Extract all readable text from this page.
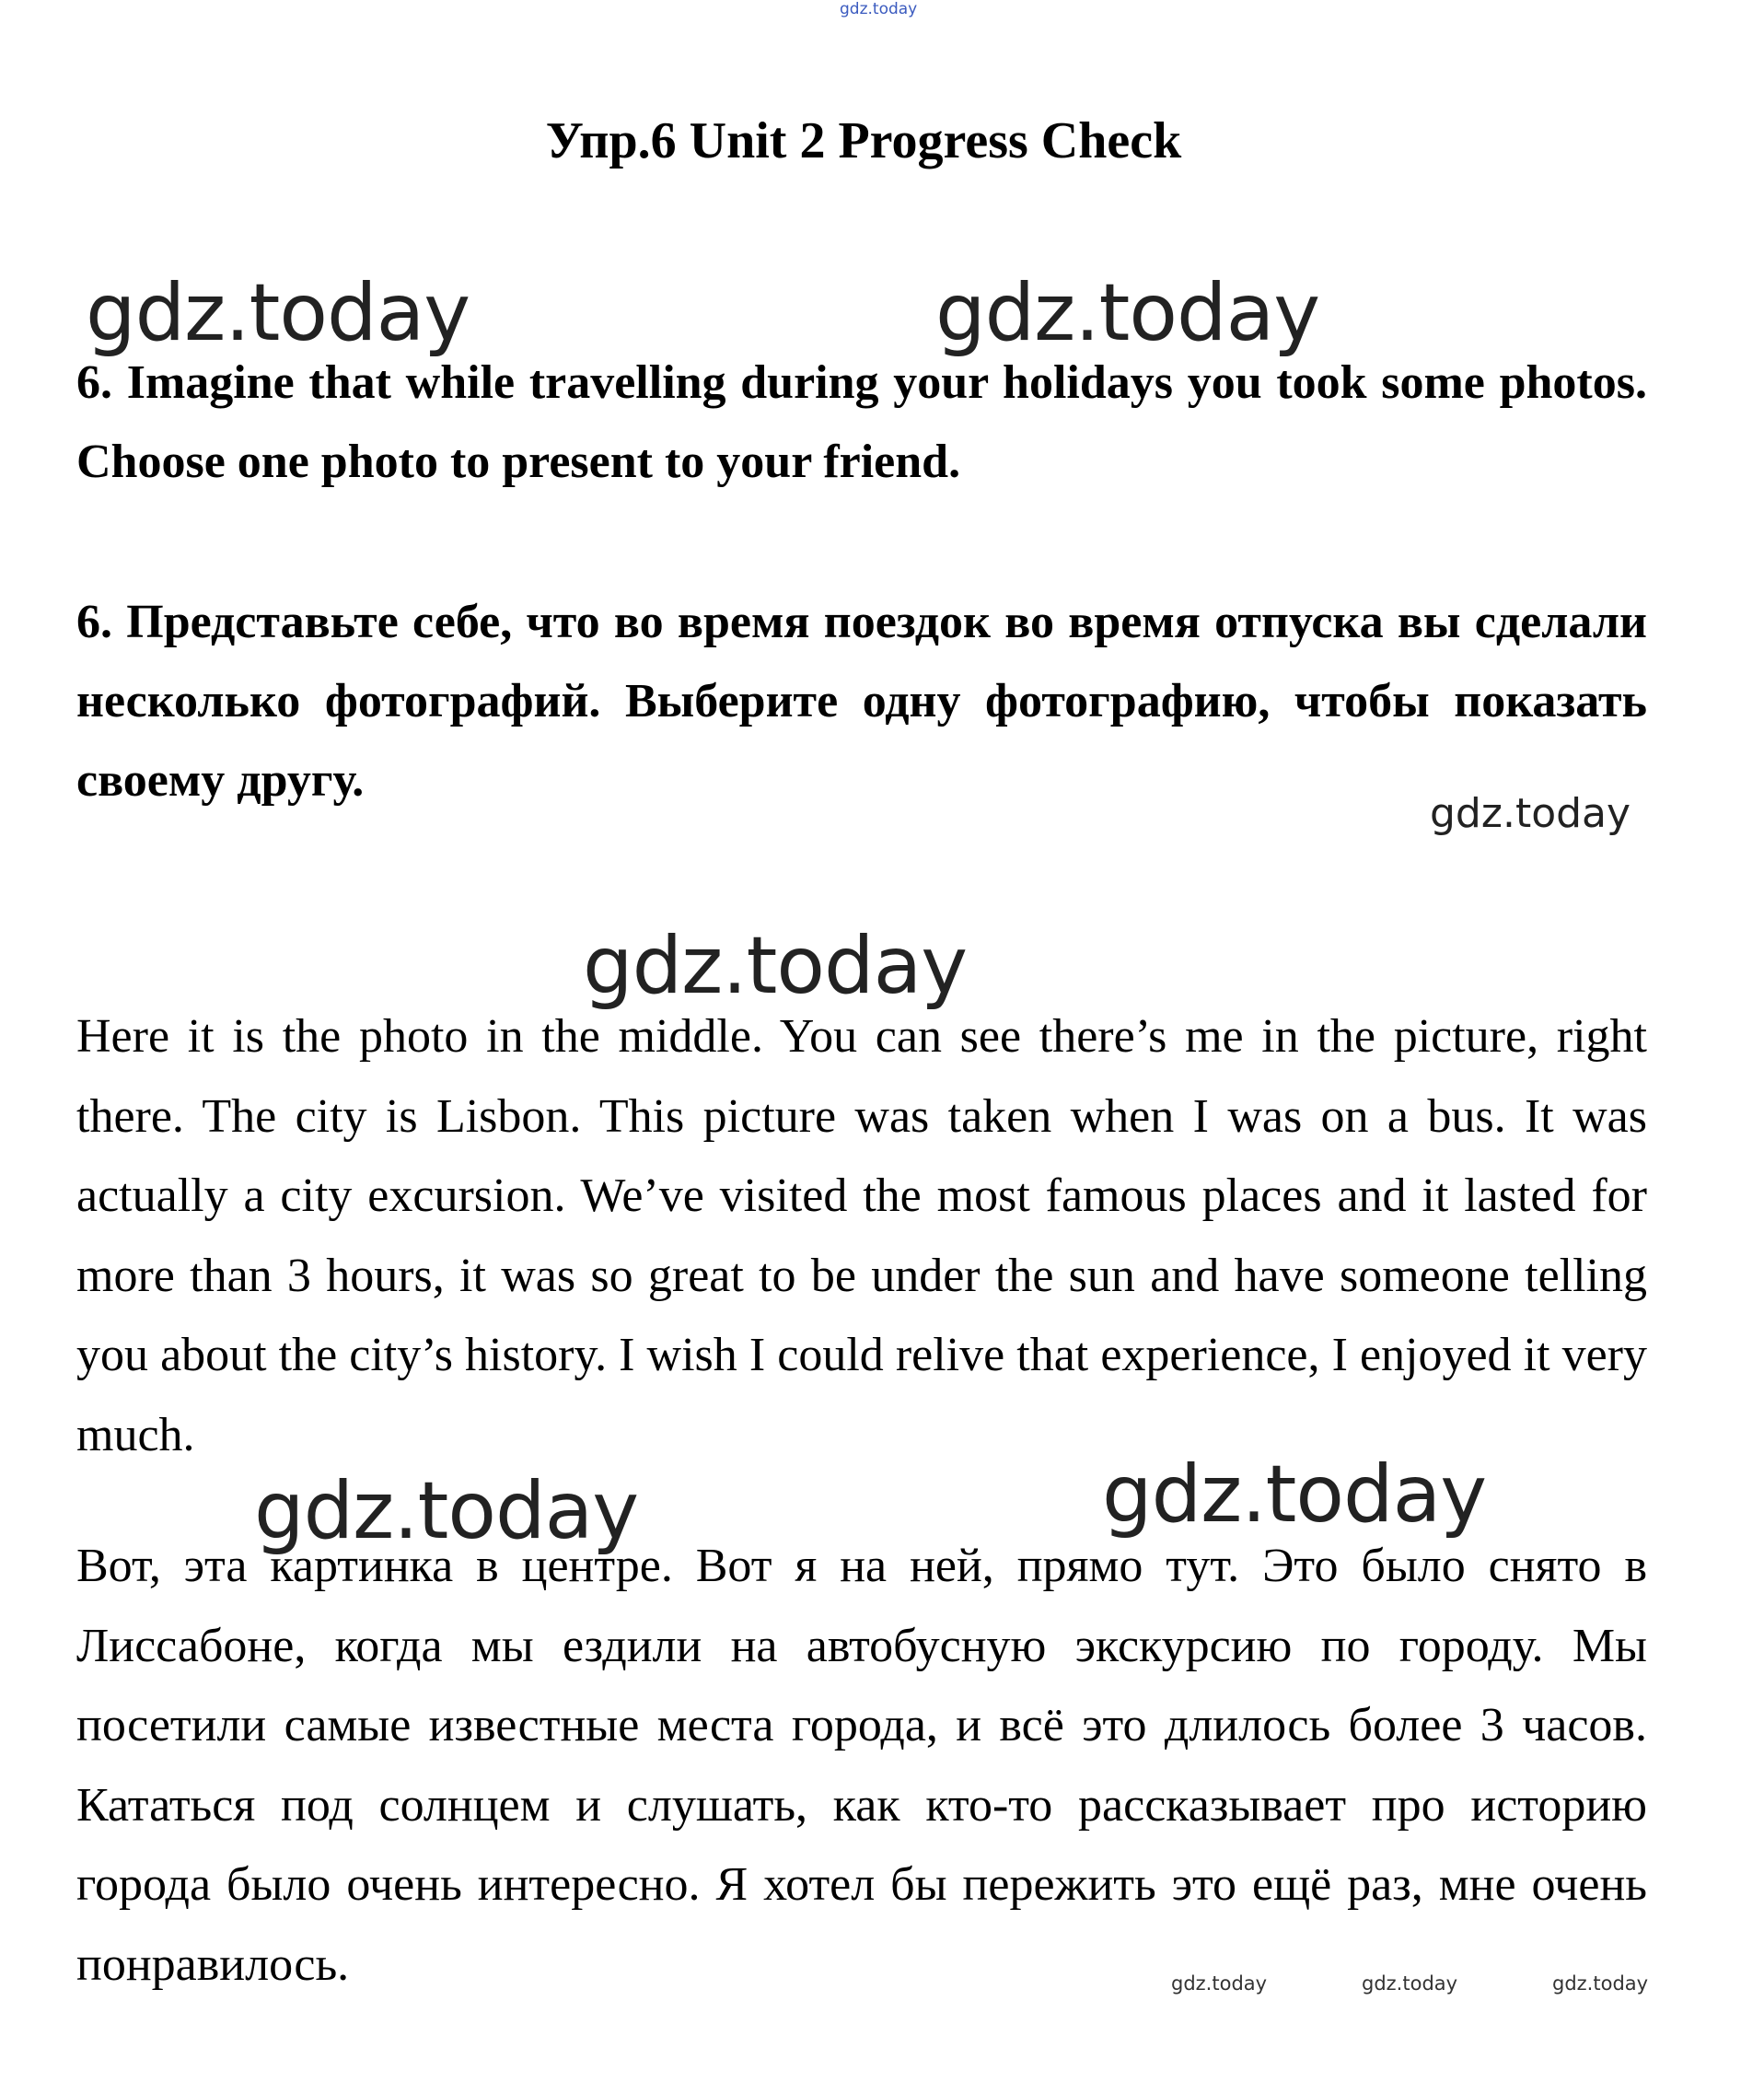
gdz.today
Упр.6 Unit 2 Progress Check
gdz.today	gdz.today
6. Imagine that while travelling during your holidays you took some photos. Choose one photo to present to your friend.
6. Представьте себе, что во время поездок во время отпуска вы сделали несколько фотографий. Выберите одну фотографию, чтобы показать своему другу.
gdz.today
gdz.today
Here it is the photo in the middle. You can see there’s me in the picture, right there. The city is Lisbon. This picture was taken when I was on a bus. It was actually a city excursion. We’ve visited the most famous places and it lasted for more than 3 hours, it was so great to be under the sun and have someone telling you about the city’s history. I wish I could relive that experience, I enjoyed it very much.
gdz.today	gdz.today
Вот, эта картинка в центре. Вот я на ней, прямо тут. Это было снято в Лиссабоне, когда мы ездили на автобусную экскурсию по городу. Мы посетили самые известные места города, и всё это длилось более 3 часов. Кататься под солнцем и слушать, как кто-то рассказывает про историю города было очень интересно. Я хотел бы пережить это ещё раз, мне очень понравилось.	gdz.today	gdz.today	gdz.today
